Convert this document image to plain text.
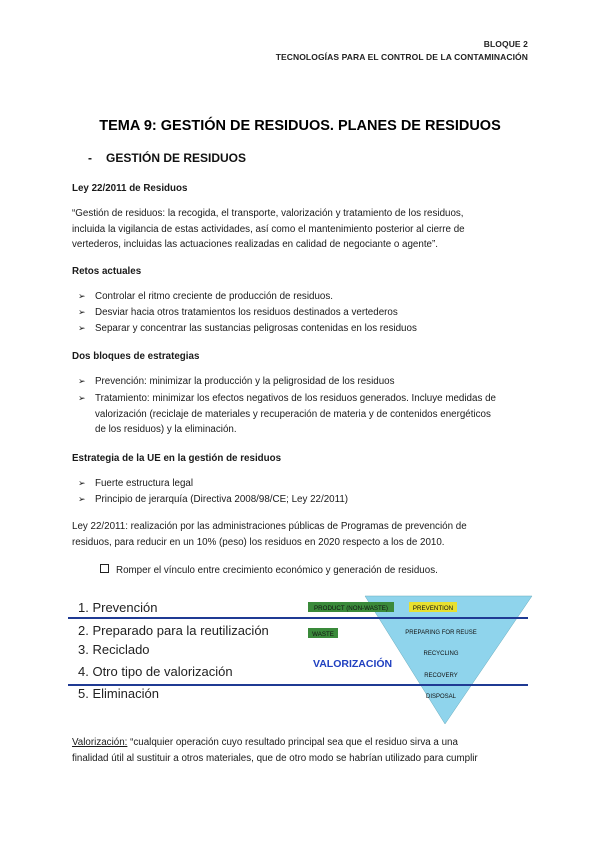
BLOQUE 2
TECNOLOGÍAS PARA EL CONTROL DE LA CONTAMINACIÓN
TEMA 9: GESTIÓN DE RESIDUOS. PLANES DE RESIDUOS
- GESTIÓN DE RESIDUOS
Ley 22/2011 de Residuos
“Gestión de residuos: la recogida, el transporte, valorización y tratamiento de los residuos,
incluida la vigilancia de estas actividades, así como el mantenimiento posterior al cierre de
vertederos, incluidas las actuaciones realizadas en calidad de negociante o agente”.
Retos actuales
➢ Controlar el ritmo creciente de producción de residuos.
➢ Desviar hacia otros tratamientos los residuos destinados a vertederos
➢ Separar y concentrar las sustancias peligrosas contenidas en los residuos
Dos bloques de estrategias
➢ Prevención: minimizar la producción y la peligrosidad de los residuos
➢ Tratamiento: minimizar los efectos negativos de los residuos generados. Incluye medidas de
valorización (reciclaje de materiales y recuperación de materia y de contenidos energéticos
de los residuos) y la eliminación.
Estrategia de la UE en la gestión de residuos
➢ Fuerte estructura legal
➢ Principio de jerarquía (Directiva 2008/98/CE; Ley 22/2011)
Ley 22/2011: realización por las administraciones públicas de Programas de prevención de
residuos, para reducir en un 10% (peso) los residuos en 2020 respecto a los de 2010.
Romper el vínculo entre crecimiento económico y generación de residuos.
1. Prevención
2. Preparado para la reutilización
3. Reciclado
4. Otro tipo de valorización
5. Eliminación
PRODUCT (NON-WASTE)	PREVENTION
WASTE	PREPARING FOR REUSE
RECYCLING
RECOVERY
DISPOSAL
VALORIZACIÓN
Valorización: “cualquier operación cuyo resultado principal sea que el residuo sirva a una
finalidad útil al sustituir a otros materiales, que de otro modo se habrían utilizado para cumplir
